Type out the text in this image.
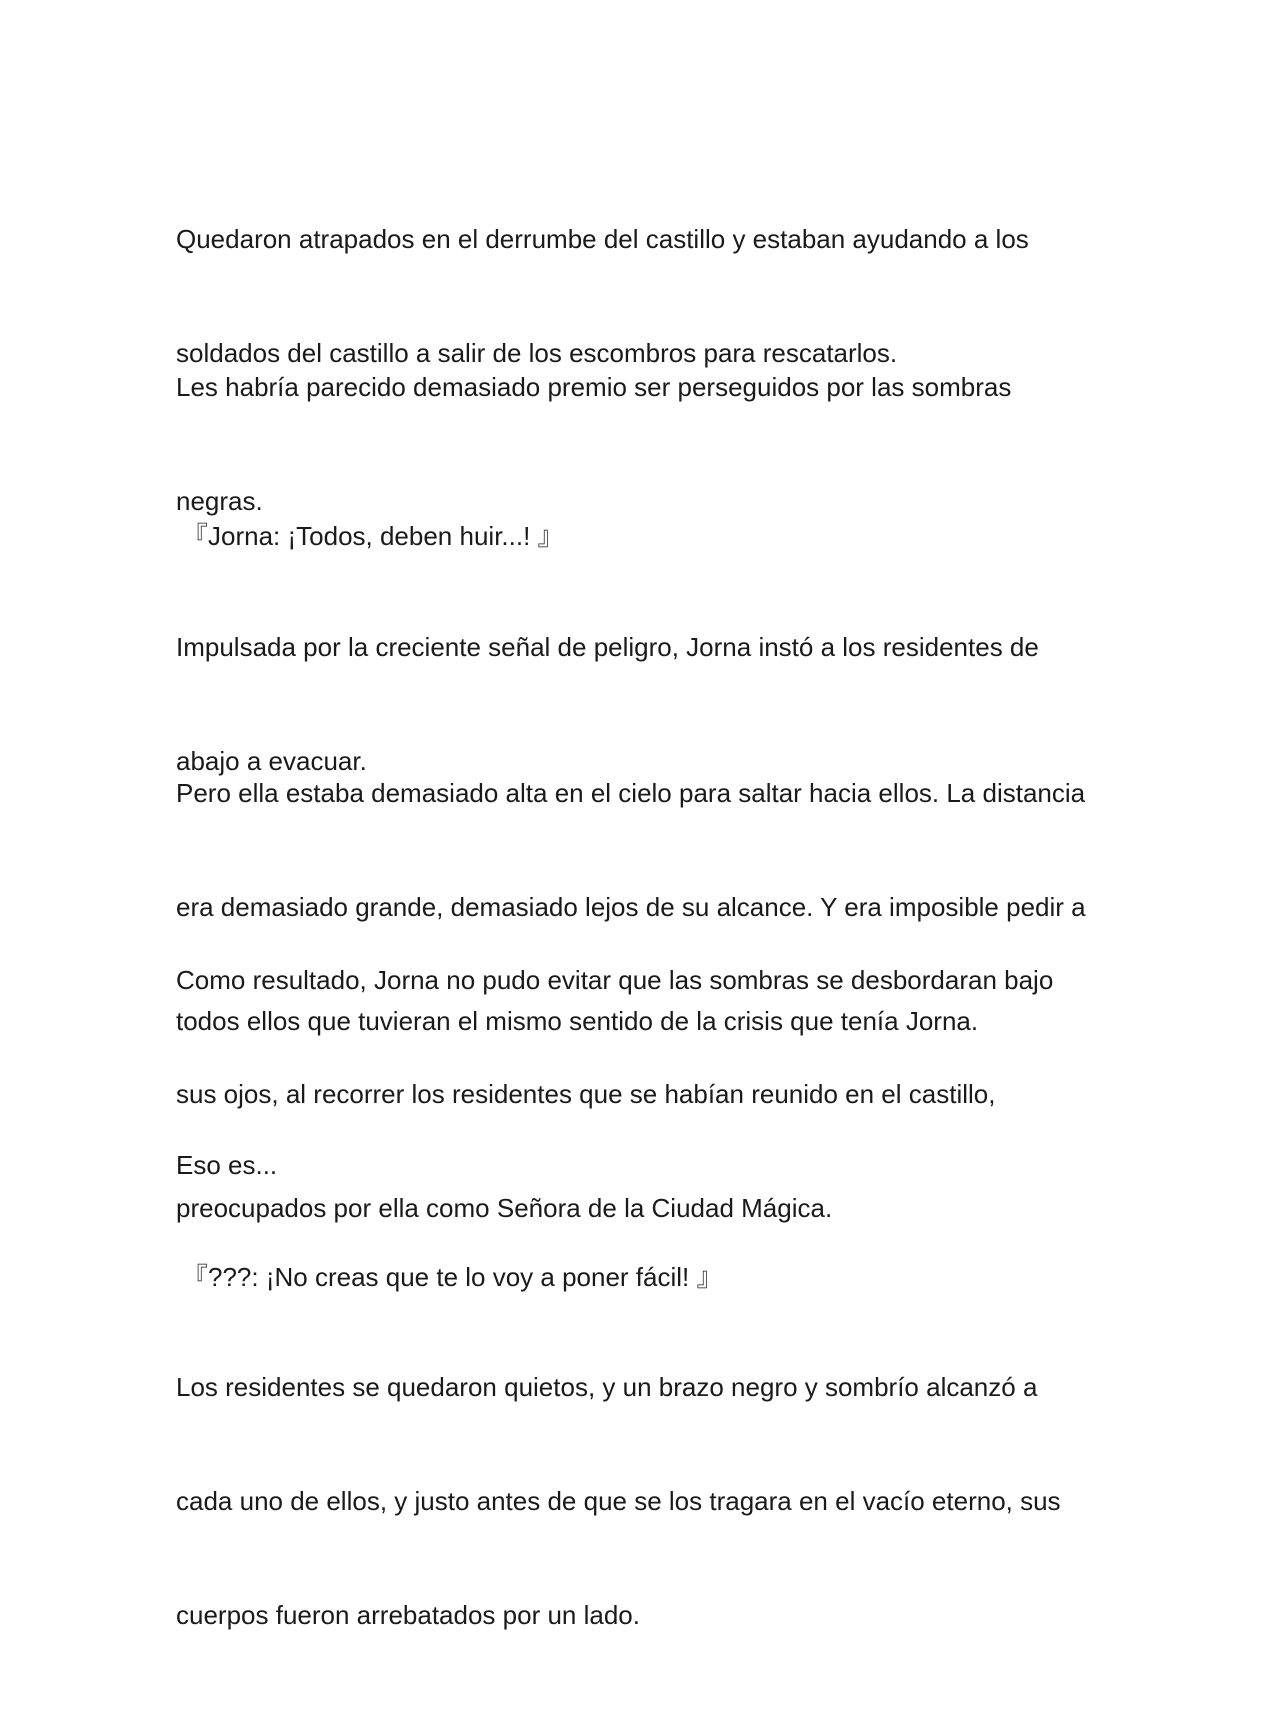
Quedaron atrapados en el derrumbe del castillo y estaban ayudando a los

soldados del castillo a salir de los escombros para rescatarlos.

Les habría parecido demasiado premio ser perseguidos por las sombras

negras.

『Jorna: ¡Todos, deben huir...! 』

Impulsada por la creciente señal de peligro, Jorna instó a los residentes de

abajo a evacuar.

Pero ella estaba demasiado alta en el cielo para saltar hacia ellos. La distancia

era demasiado grande, demasiado lejos de su alcance. Y era imposible pedir a

todos ellos que tuvieran el mismo sentido de la crisis que tenía Jorna.

Como resultado, Jorna no pudo evitar que las sombras se desbordaran bajo

sus ojos, al recorrer los residentes que se habían reunido en el castillo,

preocupados por ella como Señora de la Ciudad Mágica.

Eso es...

『???: ¡No creas que te lo voy a poner fácil! 』

Los residentes se quedaron quietos, y un brazo negro y sombrío alcanzó a

cada uno de ellos, y justo antes de que se los tragara en el vacío eterno, sus

cuerpos fueron arrebatados por un lado.
